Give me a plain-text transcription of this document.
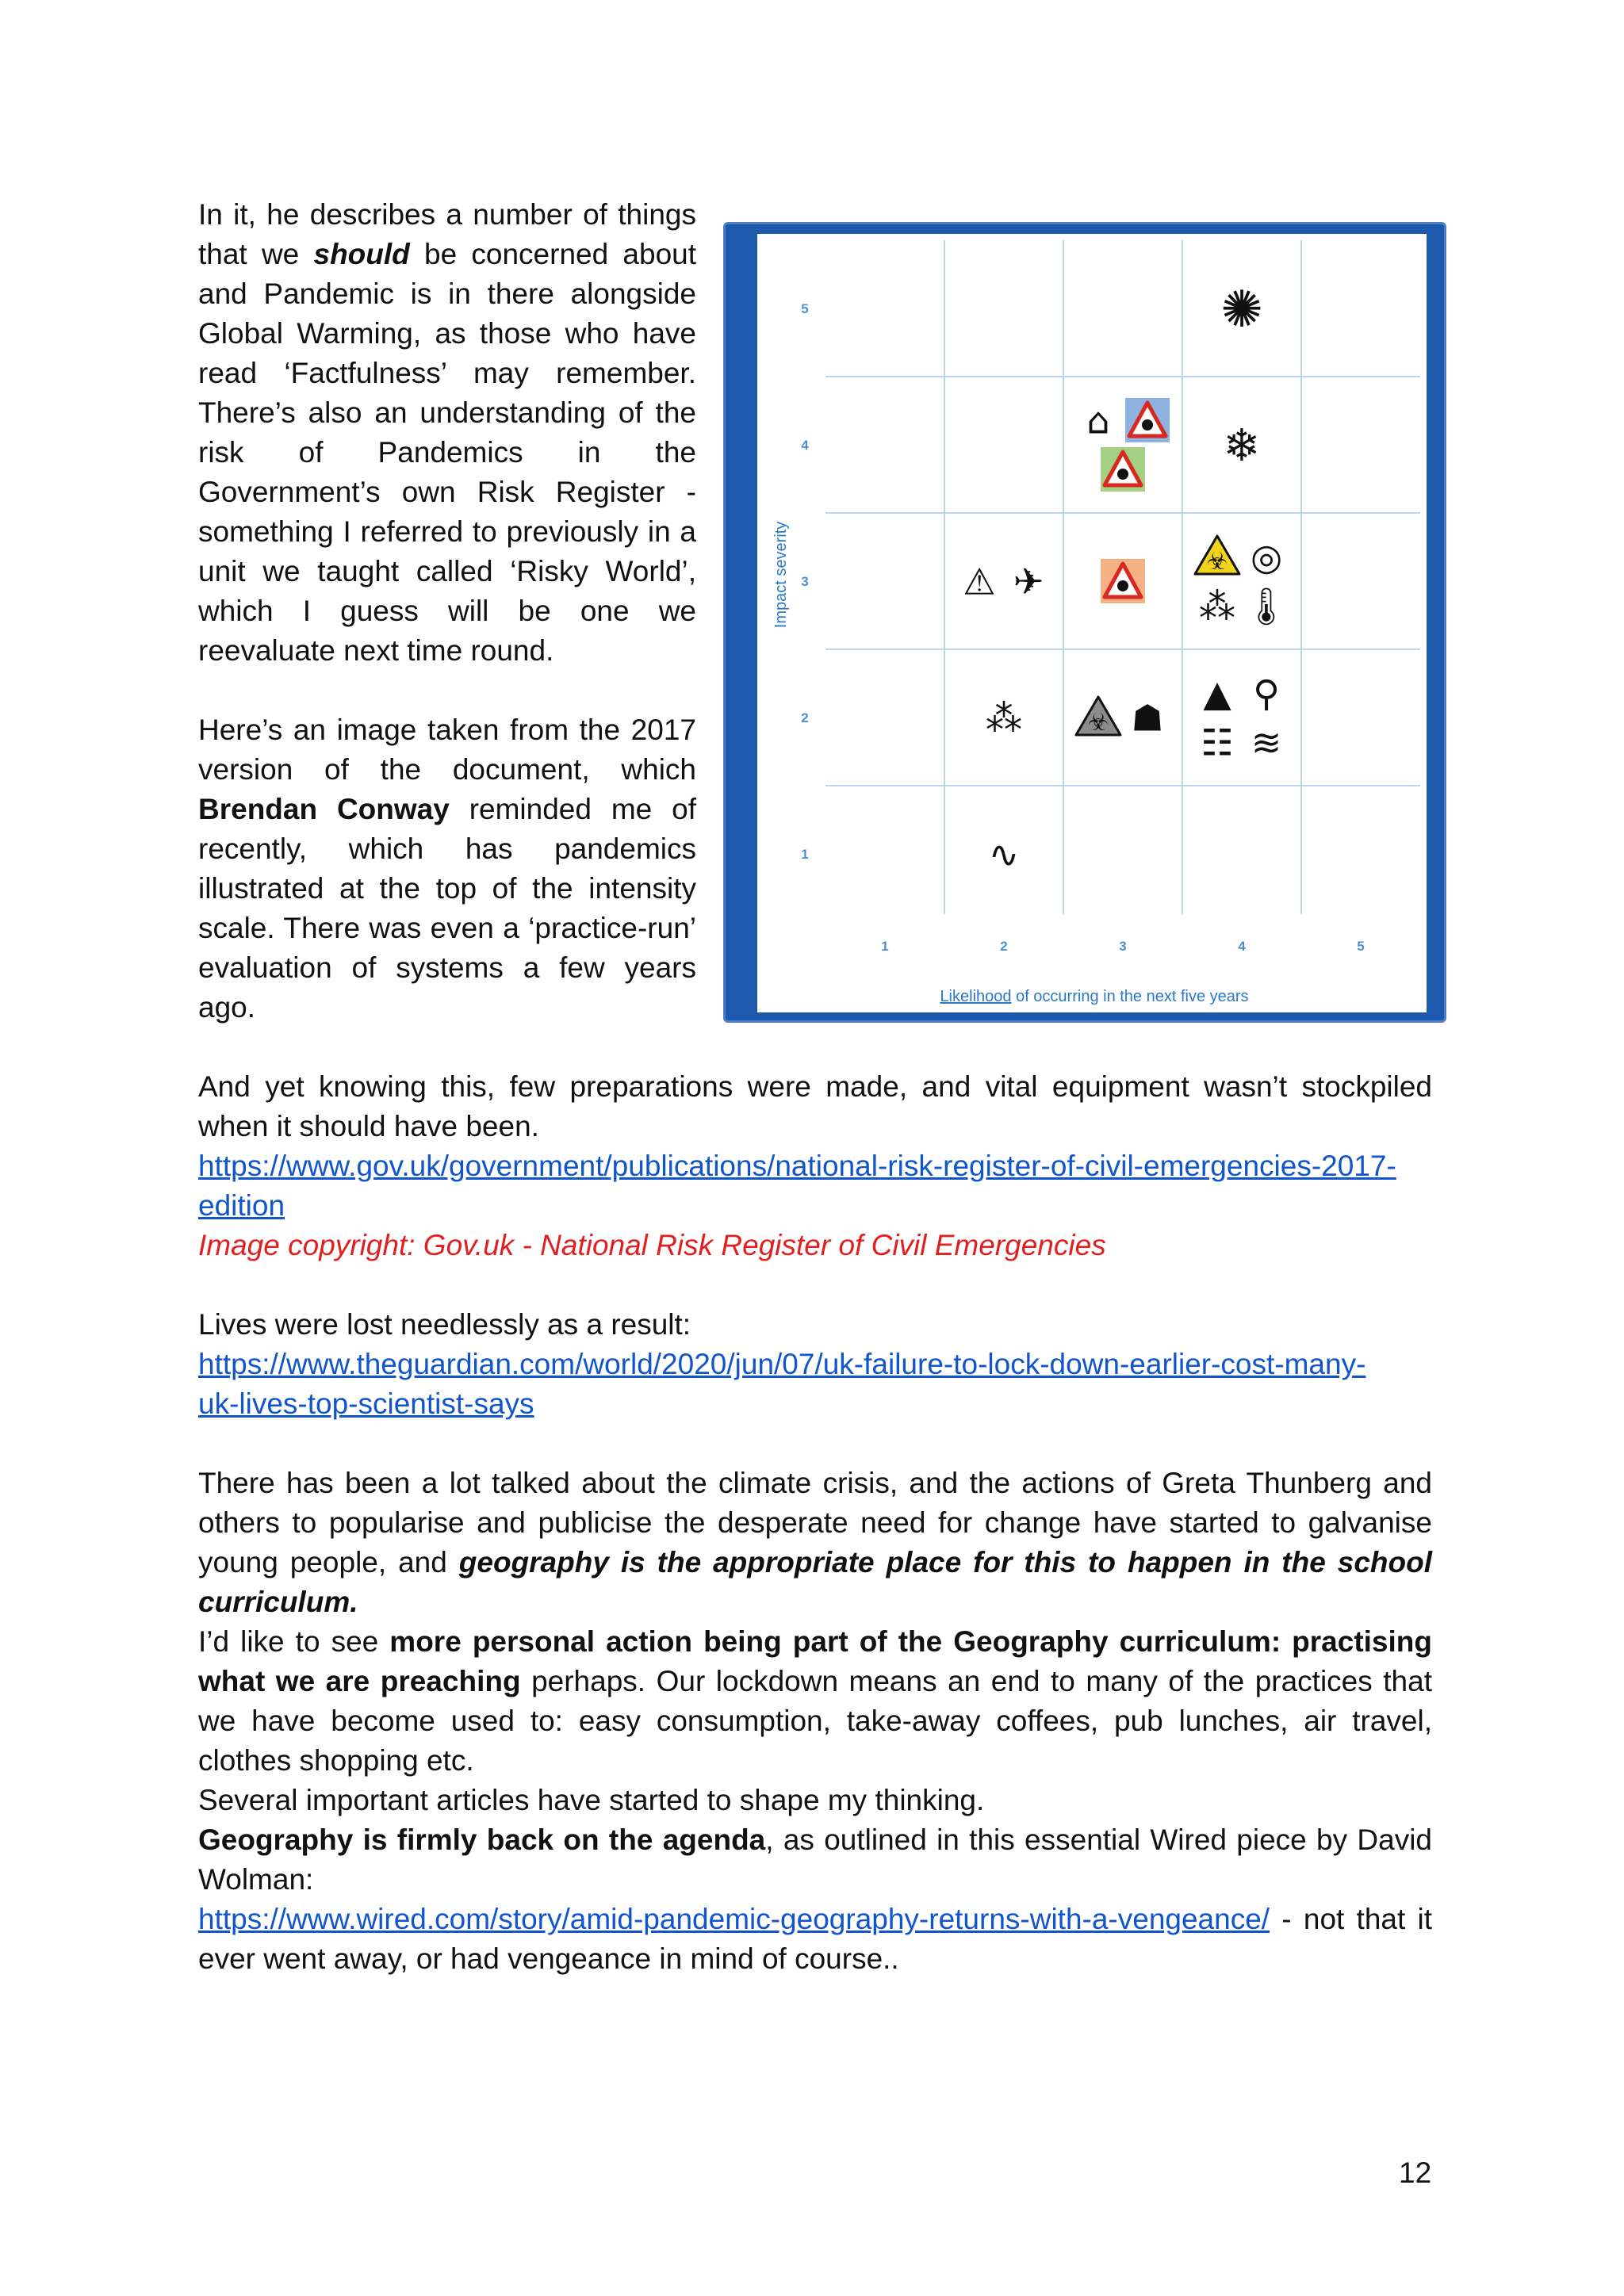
In it, he describes a number of things that we should be concerned about and Pandemic is in there alongside Global Warming, as those who have read ‘Factfulness’ may remember. There’s also an understanding of the risk of Pandemics in the Government’s own Risk Register - something I referred to previously in a unit we taught called ‘Risky World’, which I guess will be one we reevaluate next time round.

Here’s an image taken from the 2017 version of the document, which Brendan Conway reminded me of recently, which has pandemics illustrated at the top of the intensity scale. There was even a ‘practice-run’ evaluation of systems a few years ago.

1	2	3	4	5
5
4
3
2
1
✺
⌂	❄
⚠ ✈	☣ ◎
⁂ 🌡
⁂	☣ ☗
▲ ⚲
☷ ≋
∿
Impact severity
Likelihood of occurring in the next five years

And yet knowing this, few preparations were made, and vital equipment wasn’t stockpiled when it should have been.

https://www.gov.uk/government/publications/national-risk-register-of-civil-emergencies-2017-
edition

Image copyright: Gov.uk - National Risk Register of Civil Emergencies

Lives were lost needlessly as a result:

https://www.theguardian.com/world/2020/jun/07/uk-failure-to-lock-down-earlier-cost-many-
uk-lives-top-scientist-says

There has been a lot talked about the climate crisis, and the actions of Greta Thunberg and others to popularise and publicise the desperate need for change have started to galvanise young people, and geography is the appropriate place for this to happen in the school curriculum.

I’d like to see more personal action being part of the Geography curriculum: practising what we are preaching perhaps. Our lockdown means an end to many of the practices that we have become used to: easy consumption, take-away coffees, pub lunches, air travel, clothes shopping etc.

Several important articles have started to shape my thinking.

Geography is firmly back on the agenda, as outlined in this essential Wired piece by David Wolman:

https://www.wired.com/story/amid-pandemic-geography-returns-with-a-vengeance/ - not that it ever went away, or had vengeance in mind of course..

12
